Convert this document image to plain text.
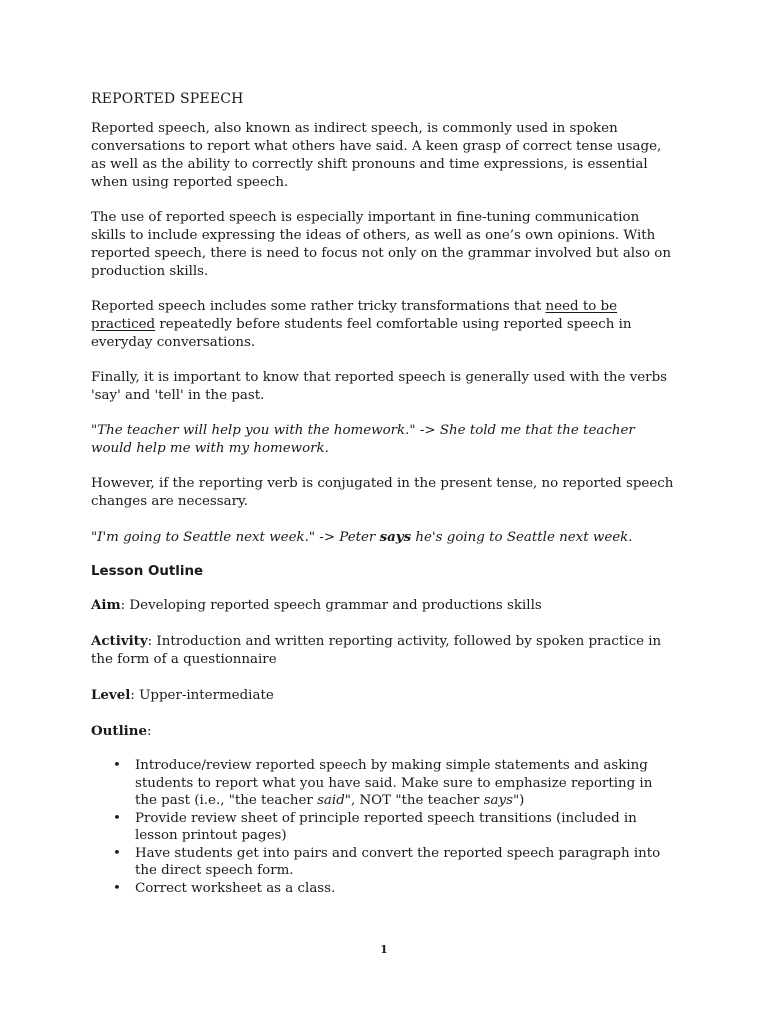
REPORTED SPEECH

Reported speech, also known as indirect speech, is commonly used in spoken conversations to report what others have said. A keen grasp of correct tense usage, as well as the ability to correctly shift pronouns and time expressions, is essential when using reported speech.

The use of reported speech is especially important in fine-tuning communication skills to include expressing the ideas of others, as well as one’s own opinions. With reported speech, there is need to focus not only on the grammar involved but also on production skills.

Reported speech includes some rather tricky transformations that need to be practiced repeatedly before students feel comfortable using reported speech in everyday conversations.

Finally, it is important to know that reported speech is generally used with the verbs 'say' and 'tell' in the past.

"The teacher will help you with the homework." -> She told me that the teacher would help me with my homework.

However, if the reporting verb is conjugated in the present tense, no reported speech changes are necessary.

"I'm going to Seattle next week." -> Peter says he's going to Seattle next week.

Lesson Outline
Aim: Developing reported speech grammar and productions skills
Activity: Introduction and written reporting activity, followed by spoken practice in the form of a questionnaire
Level: Upper-intermediate
Outline:
• Introduce/review reported speech by making simple statements and asking students to report what you have said. Make sure to emphasize reporting in the past (i.e., "the teacher said", NOT "the teacher says")
• Provide review sheet of principle reported speech transitions (included in lesson printout pages)
• Have students get into pairs and convert the reported speech paragraph into the direct speech form.
• Correct worksheet as a class.
1
